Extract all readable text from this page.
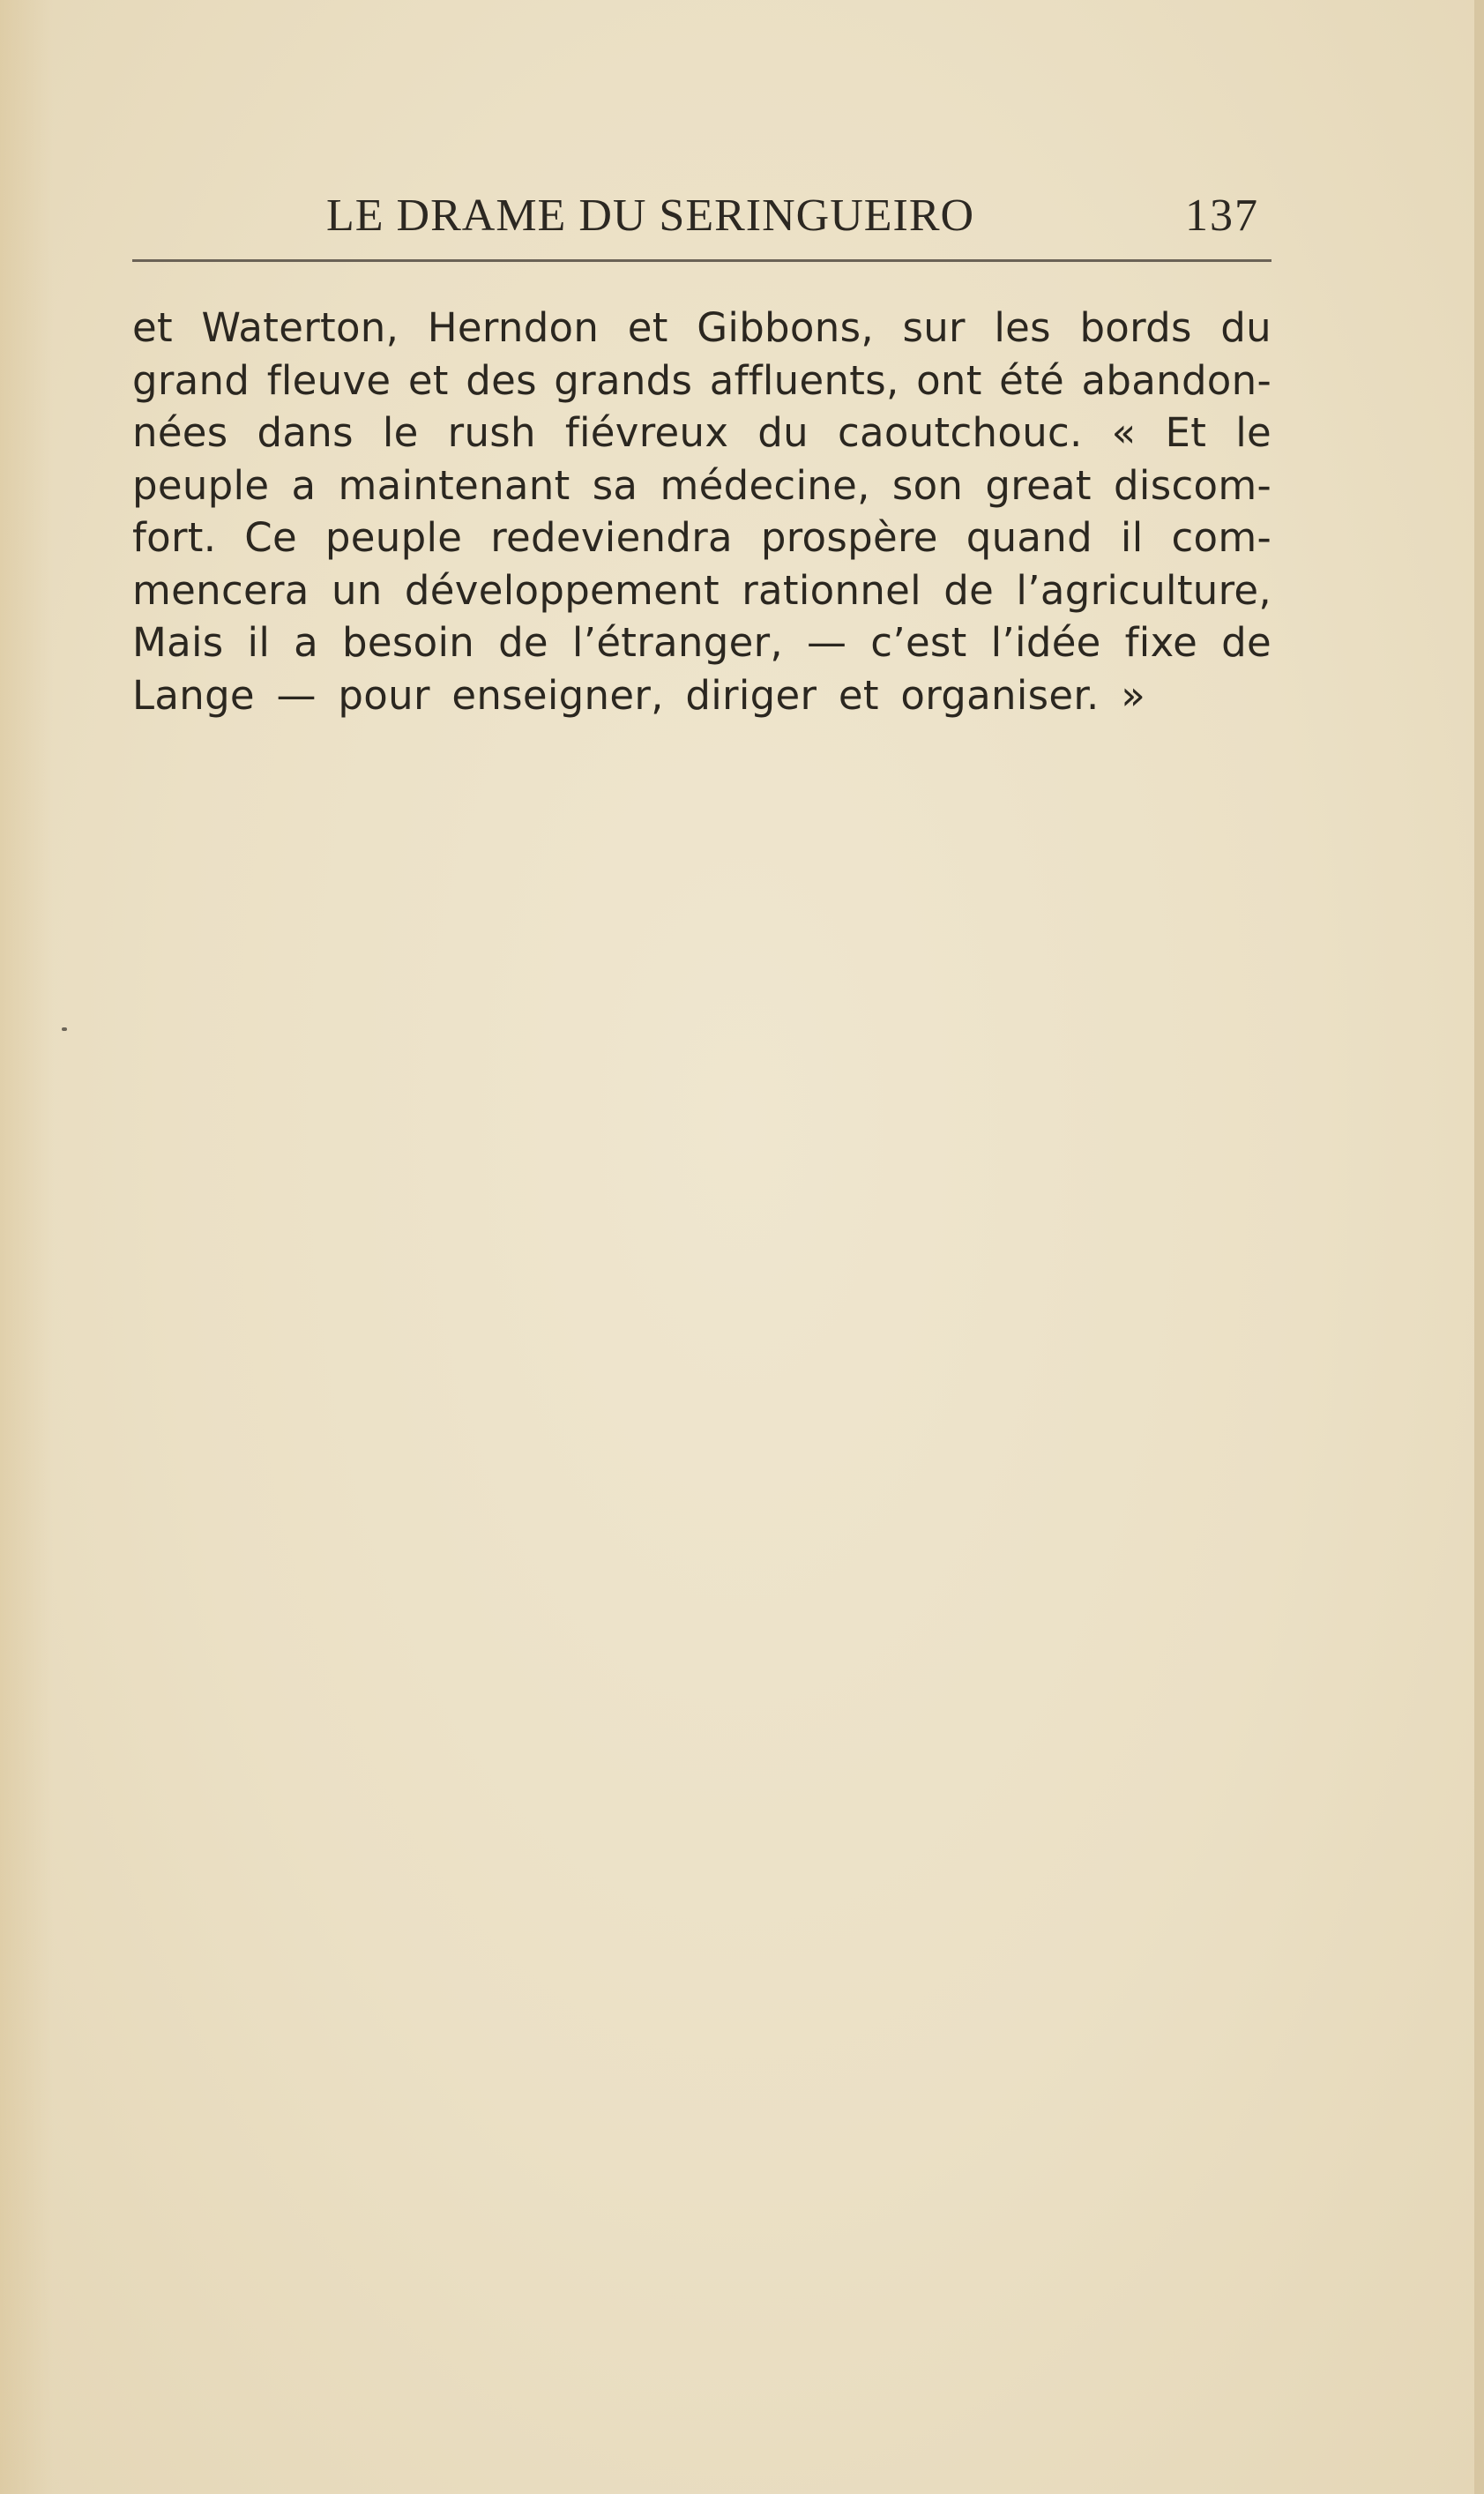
LE DRAME DU SERINGUEIRO	137
et Waterton, Herndon et Gibbons, sur les bords du
grand fleuve et des grands affluents, ont été abandon-
nées dans le rush fiévreux du caoutchouc. « Et le
peuple a maintenant sa médecine, son great discom-
fort. Ce peuple redeviendra prospère quand il com-
mencera un développement rationnel de l’agriculture,
Mais il a besoin de l’étranger, — c’est l’idée fixe de
Lange — pour enseigner, diriger et organiser. »
